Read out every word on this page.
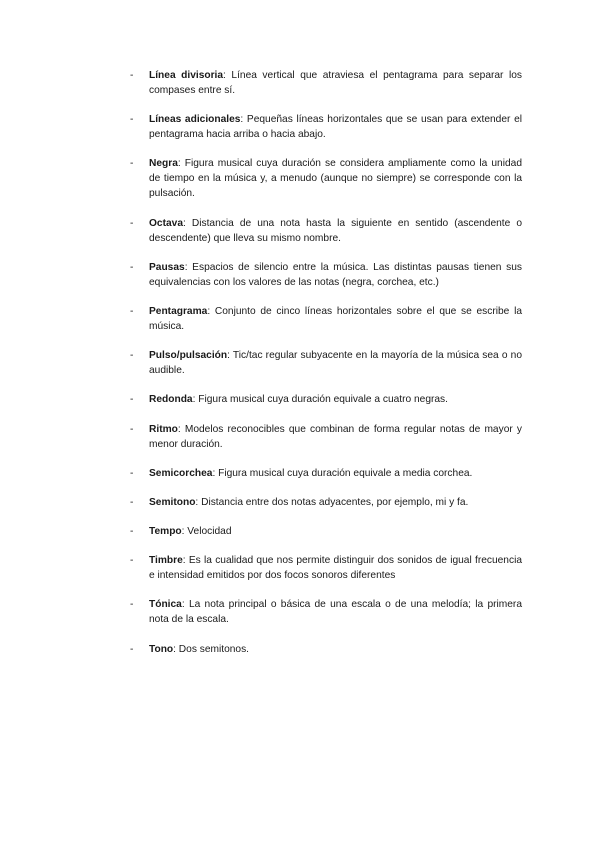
- Línea divisoria: Línea vertical que atraviesa el pentagrama para separar los compases entre sí.
- Líneas adicionales: Pequeñas líneas horizontales que se usan para extender el pentagrama hacia arriba o hacia abajo.
- Negra: Figura musical cuya duración se considera ampliamente como la unidad de tiempo en la música y, a menudo (aunque no siempre) se corresponde con la pulsación.
- Octava: Distancia de una nota hasta la siguiente en sentido (ascendente o descendente) que lleva su mismo nombre.
- Pausas: Espacios de silencio entre la música. Las distintas pausas tienen sus equivalencias con los valores de las notas (negra, corchea, etc.)
- Pentagrama: Conjunto de cinco líneas horizontales sobre el que se escribe la música.
- Pulso/pulsación: Tic/tac regular subyacente en la mayoría de la música sea o no audible.
- Redonda: Figura musical cuya duración equivale a cuatro negras.
- Ritmo: Modelos reconocibles que combinan de forma regular notas de mayor y menor duración.
- Semicorchea: Figura musical cuya duración equivale a media corchea.
- Semitono: Distancia entre dos notas adyacentes, por ejemplo, mi y fa.
- Tempo: Velocidad
- Timbre: Es la cualidad que nos permite distinguir dos sonidos de igual frecuencia e intensidad emitidos por dos focos sonoros diferentes
- Tónica: La nota principal o básica de una escala o de una melodía; la primera nota de la escala.
- Tono: Dos semitonos.
